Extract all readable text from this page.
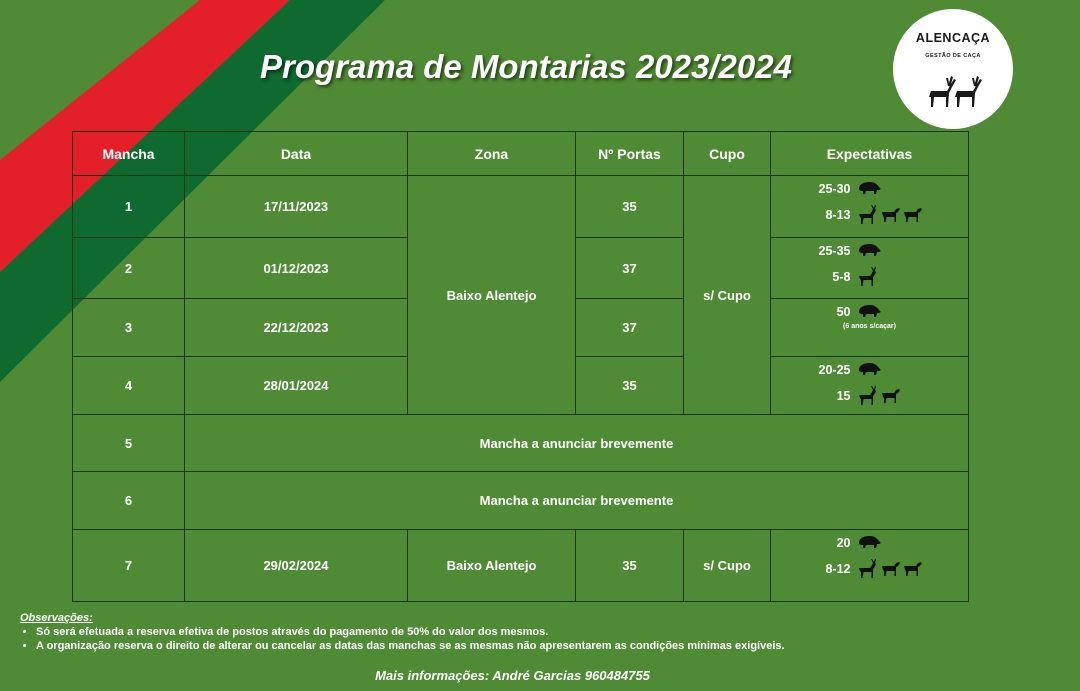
Programa de Montarias 2023/2024
ALENCAÇA
GESTÃO DE CAÇA
Mancha	Data	Zona	Nº Portas	Cupo	Expectativas
1	17/11/2023	Baixo Alentejo	35	s/ Cupo	25-30
8-13

2	01/12/2023		37		25-35
5-8

3	22/12/2023		37		50
(6 anos s/caçar)

4	28/01/2024		35		20-25
15

5	Mancha a anunciar brevemente				
6	Mancha a anunciar brevemente				
7	29/02/2024	Baixo Alentejo	35	s/ Cupo	20
8-12
Observações:
• Só será efetuada a reserva efetiva de postos através do pagamento de 50% do valor dos mesmos.
• A organização reserva o direito de alterar ou cancelar as datas das manchas se as mesmas não apresentarem as condições mínimas exigíveis.
Mais informações: André Garcias 960484755
